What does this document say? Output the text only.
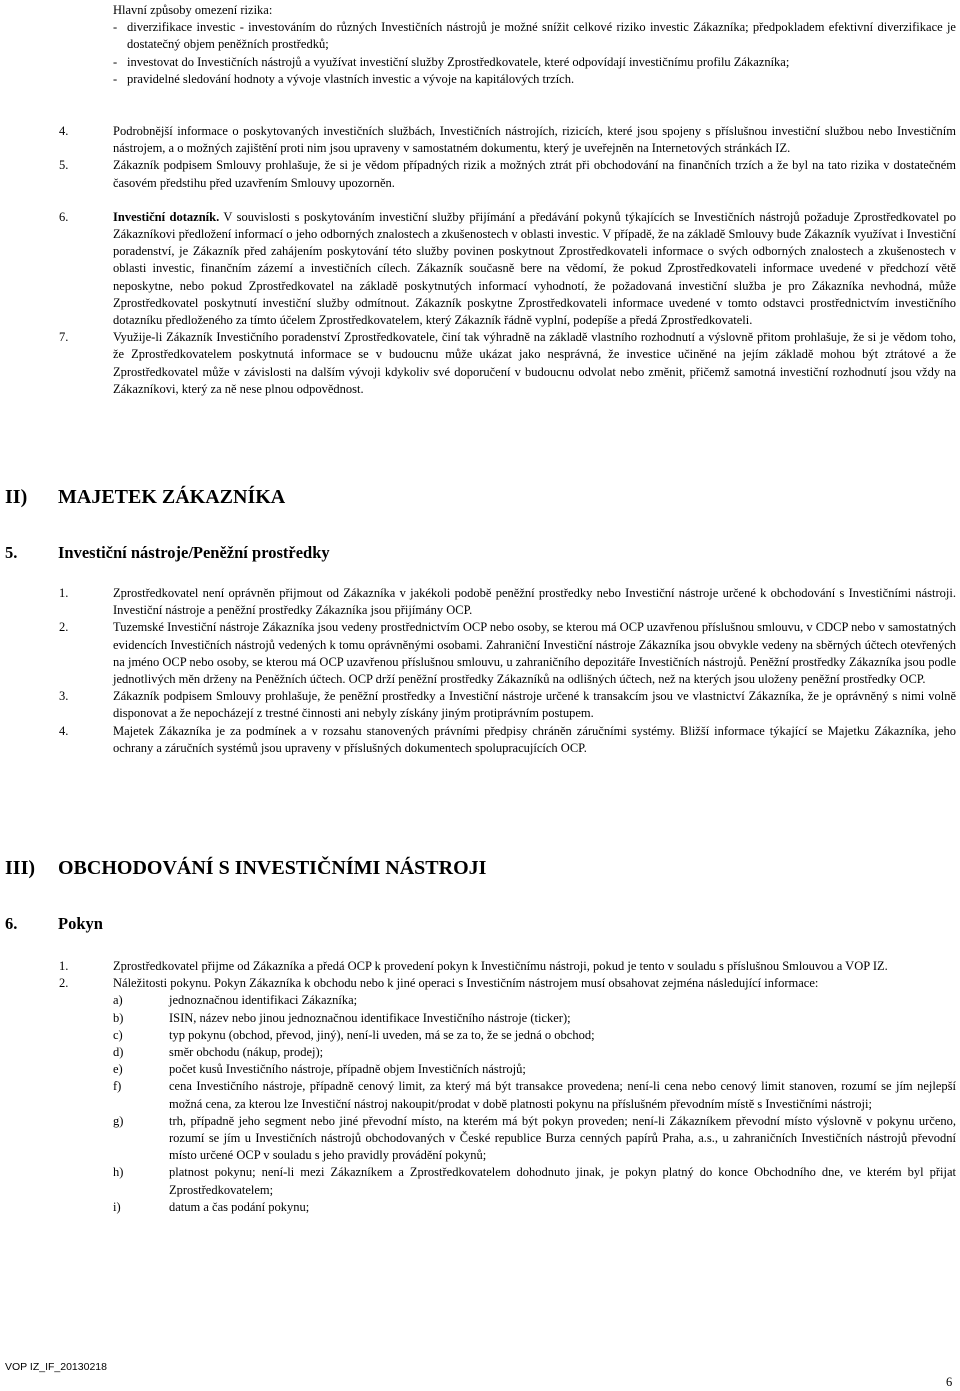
Hlavní způsoby omezení rizika:

- diverzifikace investic - investováním do různých Investičních nástrojů je možné snížit celkové riziko investic Zákazníka; předpokladem efektivní diverzifikace je dostatečný objem peněžních prostředků;
- investovat do Investičních nástrojů a využívat investiční služby Zprostředkovatele, které odpovídají investičnímu profilu Zákazníka;
- pravidelné sledování hodnoty a vývoje vlastních investic a vývoje na kapitálových trzích.
4.	Podrobnější informace o poskytovaných investičních službách, Investičních nástrojích, rizicích, které jsou spojeny s příslušnou investiční službou nebo Investičním nástrojem, a o možných zajištění proti nim jsou upraveny v samostatném dokumentu, který je uveřejněn na Internetových stránkách IZ.
5.	Zákazník podpisem Smlouvy prohlašuje, že si je vědom případných rizik a možných ztrát při obchodování na finančních trzích a že byl na tato rizika v dostatečném časovém předstihu před uzavřením Smlouvy upozorněn.
6.	Investiční dotazník. V souvislosti s poskytováním investiční služby přijímání a předávání pokynů týkajících se Investičních nástrojů požaduje Zprostředkovatel po Zákazníkovi předložení informací o jeho odborných znalostech a zkušenostech v oblasti investic. V případě, že na základě Smlouvy bude Zákazník využívat i Investiční poradenství, je Zákazník před zahájením poskytování této služby povinen poskytnout Zprostředkovateli informace o svých odborných znalostech a zkušenostech v oblasti investic, finančním zázemí a investičních cílech. Zákazník současně bere na vědomí, že pokud Zprostředkovateli informace uvedené v předchozí větě neposkytne, nebo pokud Zprostředkovatel na základě poskytnutých informací vyhodnotí, že požadovaná investiční služba je pro Zákazníka nevhodná, může Zprostředkovatel poskytnutí investiční služby odmítnout. Zákazník poskytne Zprostředkovateli informace uvedené v tomto odstavci prostřednictvím investičního dotazníku předloženého za tímto účelem Zprostředkovatelem, který Zákazník řádně vyplní, podepíše a předá Zprostředkovateli.
7.	Využije-li Zákazník Investičního poradenství Zprostředkovatele, činí tak výhradně na základě vlastního rozhodnutí a výslovně přitom prohlašuje, že si je vědom toho, že Zprostředkovatelem poskytnutá informace se v budoucnu může ukázat jako nesprávná, že investice učiněné na jejím základě mohou být ztrátové a že Zprostředkovatel může v závislosti na dalším vývoji kdykoliv své doporučení v budoucnu odvolat nebo změnit, přičemž samotná investiční rozhodnutí jsou vždy na Zákazníkovi, který za ně nese plnou odpovědnost.
II)	MAJETEK ZÁKAZNÍKA
5.	Investiční nástroje/Peněžní prostředky
1.	Zprostředkovatel není oprávněn přijmout od Zákazníka v jakékoli podobě peněžní prostředky nebo Investiční nástroje určené k obchodování s Investičními nástroji. Investiční nástroje a peněžní prostředky Zákazníka jsou přijímány OCP.
2.	Tuzemské Investiční nástroje Zákazníka jsou vedeny prostřednictvím OCP nebo osoby, se kterou má OCP uzavřenou příslušnou smlouvu, v CDCP nebo v samostatných evidencích Investičních nástrojů vedených k tomu oprávněnými osobami. Zahraniční Investiční nástroje Zákazníka jsou obvykle vedeny na sběrných účtech otevřených na jméno OCP nebo osoby, se kterou má OCP uzavřenou příslušnou smlouvu, u zahraničního depozitáře Investičních nástrojů. Peněžní prostředky Zákazníka jsou podle jednotlivých měn drženy na Peněžních účtech. OCP drží peněžní prostředky Zákazníků na odlišných účtech, než na kterých jsou uloženy peněžní prostředky OCP.
3.	Zákazník podpisem Smlouvy prohlašuje, že peněžní prostředky a Investiční nástroje určené k transakcím jsou ve vlastnictví Zákazníka, že je oprávněný s nimi volně disponovat a že nepocházejí z trestné činnosti ani nebyly získány jiným protiprávním postupem.
4.	Majetek Zákazníka je za podmínek a v rozsahu stanovených právními předpisy chráněn záručními systémy. Bližší informace týkající se Majetku Zákazníka, jeho ochrany a záručních systémů jsou upraveny v příslušných dokumentech spolupracujících OCP.
III)	OBCHODOVÁNÍ S INVESTIČNÍMI NÁSTROJI
6.	Pokyn
1.	Zprostředkovatel přijme od Zákazníka a předá OCP k provedení pokyn k Investičnímu nástroji, pokud je tento v souladu s příslušnou Smlouvou a VOP IZ.
2.	Náležitosti pokynu. Pokyn Zákazníka k obchodu nebo k jiné operaci s Investičním nástrojem musí obsahovat zejména následující informace:
a)	jednoznačnou identifikaci Zákazníka;
b)	ISIN, název nebo jinou jednoznačnou identifikace Investičního nástroje (ticker);
c)	typ pokynu (obchod, převod, jiný), není-li uveden, má se za to, že se jedná o obchod;
d)	směr obchodu (nákup, prodej);
e)	počet kusů Investičního nástroje, případně objem Investičních nástrojů;
f)	cena Investičního nástroje, případně cenový limit, za který má být transakce provedena; není-li cena nebo cenový limit stanoven, rozumí se jím nejlepší možná cena, za kterou lze Investiční nástroj nakoupit/prodat v době platnosti pokynu na příslušném převodním místě s Investičními nástroji;
g)	trh, případně jeho segment nebo jiné převodní místo, na kterém má být pokyn proveden; není-li Zákazníkem převodní místo výslovně v pokynu určeno, rozumí se jím u Investičních nástrojů obchodovaných v České republice Burza cenných papírů Praha, a.s., u zahraničních Investičních nástrojů převodní místo určené OCP v souladu s jeho pravidly provádění pokynů;
h)	platnost pokynu; není-li mezi Zákazníkem a Zprostředkovatelem dohodnuto jinak, je pokyn platný do konce Obchodního dne, ve kterém byl přijat Zprostředkovatelem;
i)	datum a čas podání pokynu;
VOP IZ_IF_20130218
6
